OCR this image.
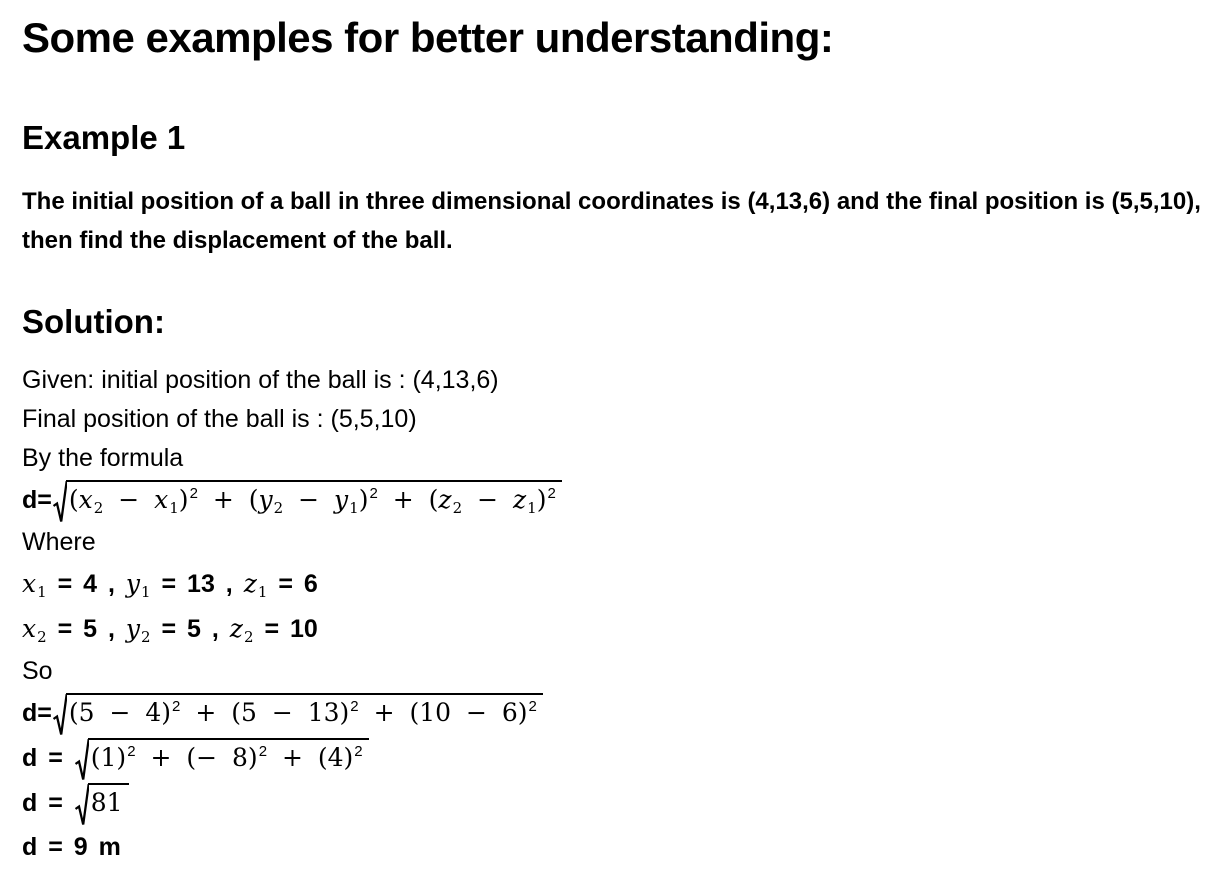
Some examples for better understanding:
Example 1

The initial position of a ball in three dimensional coordinates is (4,13,6) and the final position is (5,5,10), then find the displacement of the ball.

Solution:
Given: initial position of the ball is : (4,13,6)
Final position of the ball is : (5,5,10)
By the formula
$d= (x_2 - x_1)^2 + (y_2 - y_1)^2 + (z_2 - z_1)^2$
Where
$x_1 = 4$ , $y_1 = 13$ , $z_1 = 6$
$x_2 = 5$ , $y_2 = 5$ , $z_2 = 10$
So
$d= (5 - 4)^2 + (5 - 13)^2 + (10 - 6)^2$
d =
$(1)^2$ + (− $8)^2 + (4)^2$
d =
81
d = 9 m
